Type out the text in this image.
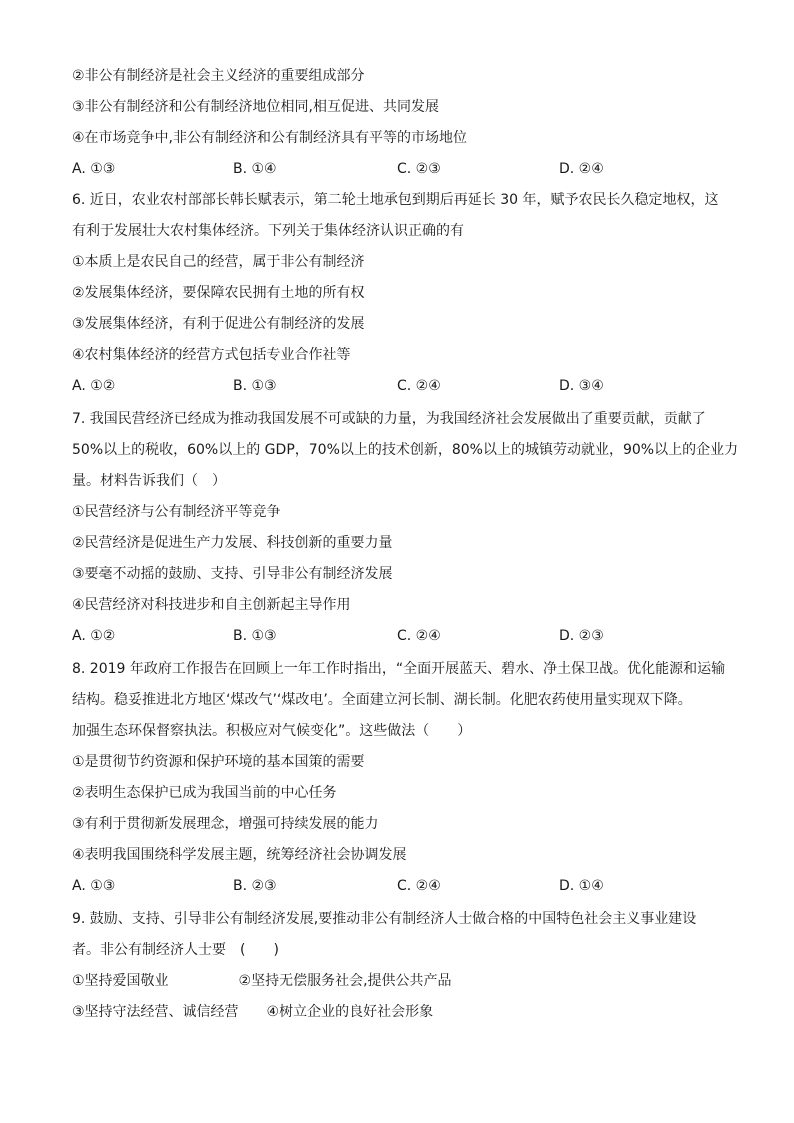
②非公有制经济是社会主义经济的重要组成部分
③非公有制经济和公有制经济地位相同,相互促进、共同发展
④在市场竞争中,非公有制经济和公有制经济具有平等的市场地位
A. ①③	B. ①④	C. ②③	D. ②④
6. 近日，农业农村部部长韩长赋表示，第二轮土地承包到期后再延长 30 年，赋予农民长久稳定地权，这
有利于发展壮大农村集体经济。下列关于集体经济认识正确的有
①本质上是农民自己的经营，属于非公有制经济
②发展集体经济，要保障农民拥有土地的所有权
③发展集体经济，有利于促进公有制经济的发展
④农村集体经济的经营方式包括专业合作社等
A. ①②	B. ①③	C. ②④	D. ③④
7. 我国民营经济已经成为推动我国发展不可或缺的力量，为我国经济社会发展做出了重要贡献，贡献了
50%以上的税收，60%以上的 GDP，70%以上的技术创新，80%以上的城镇劳动就业，90%以上的企业力
量。材料告诉我们（　）
①民营经济与公有制经济平等竞争
②民营经济是促进生产力发展、科技创新的重要力量
③要毫不动摇的鼓励、支持、引导非公有制经济发展
④民营经济对科技进步和自主创新起主导作用
A. ①②	B. ①③	C. ②④	D. ②③
8. 2019 年政府工作报告在回顾上一年工作时指出，“全面开展蓝天、碧水、净土保卫战。优化能源和运输
结构。稳妥推进北方地区‘煤改气’‘煤改电’。全面建立河长制、湖长制。化肥农药使用量实现双下降。
加强生态环保督察执法。积极应对气候变化”。这些做法（　　）
①是贯彻节约资源和保护环境的基本国策的需要
②表明生态保护已成为我国当前的中心任务
③有利于贯彻新发展理念，增强可持续发展的能力
④表明我国围绕科学发展主题，统筹经济社会协调发展
A. ①③	B. ②③	C. ②④	D. ①④
9. 鼓励、支持、引导非公有制经济发展,要推动非公有制经济人士做合格的中国特色社会主义事业建设
者。非公有制经济人士要　(　　)
①坚持爱国敬业　　　　　②坚持无偿服务社会,提供公共产品
③坚持守法经营、诚信经营　　④树立企业的良好社会形象
